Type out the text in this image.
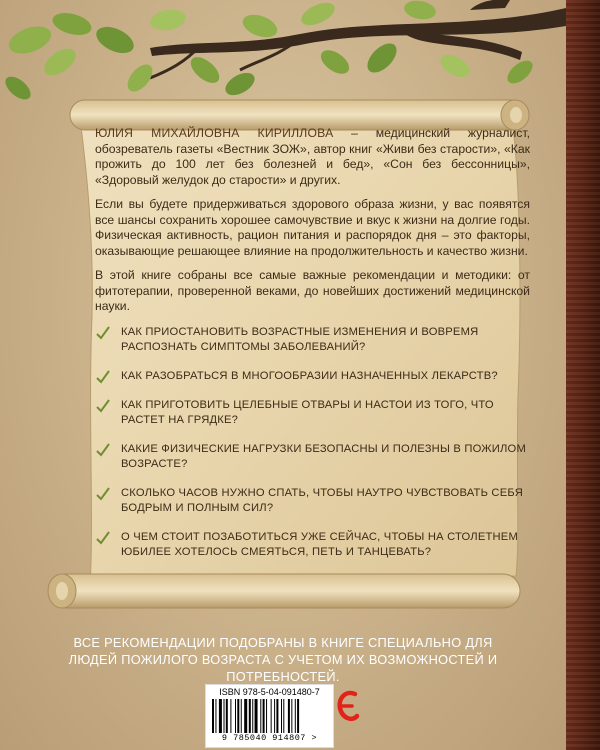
ЮЛИЯ МИХАЙЛОВНА КИРИЛЛОВА – медицинский журналист, обозреватель газеты «Вестник ЗОЖ», автор книг «Живи без старости», «Как прожить до 100 лет без болезней и бед», «Сон без бессонницы», «Здоровый желудок до старости» и других.

Если вы будете придерживаться здорового образа жизни, у вас появятся все шансы сохранить хорошее самочувствие и вкус к жизни на долгие годы. Физическая активность, рацион питания и распорядок дня – это факторы, оказывающие решающее влияние на продолжительность и качество жизни.

В этой книге собраны все самые важные рекомендации и методики: от фитотерапии, проверенной веками, до новейших достижений медицинской науки.

КАК ПРИОСТАНОВИТЬ ВОЗРАСТНЫЕ ИЗМЕНЕНИЯ И ВОВРЕМЯ РАСПОЗНАТЬ СИМПТОМЫ ЗАБОЛЕВАНИЙ?
КАК РАЗОБРАТЬСЯ В МНОГООБРАЗИИ НАЗНАЧЕННЫХ ЛЕКАРСТВ?
КАК ПРИГОТОВИТЬ ЦЕЛЕБНЫЕ ОТВАРЫ И НАСТОИ ИЗ ТОГО, ЧТО РАСТЕТ НА ГРЯДКЕ?
КАКИЕ ФИЗИЧЕСКИЕ НАГРУЗКИ БЕЗОПАСНЫ И ПОЛЕЗНЫ В ПОЖИЛОМ ВОЗРАСТЕ?
СКОЛЬКО ЧАСОВ НУЖНО СПАТЬ, ЧТОБЫ НАУТРО ЧУВСТВОВАТЬ СЕБЯ БОДРЫМ И ПОЛНЫМ СИЛ?
О ЧЕМ СТОИТ ПОЗАБОТИТЬСЯ УЖЕ СЕЙЧАС, ЧТОБЫ НА СТОЛЕТНЕМ ЮБИЛЕЕ ХОТЕЛОСЬ СМЕЯТЬСЯ, ПЕТЬ И ТАНЦЕВАТЬ?
ВСЕ РЕКОМЕНДАЦИИ ПОДОБРАНЫ В КНИГЕ СПЕЦИАЛЬНО ДЛЯ ЛЮДЕЙ ПОЖИЛОГО ВОЗРАСТА С УЧЕТОМ ИХ ВОЗМОЖНОСТЕЙ И ПОТРЕБНОСТЕЙ.
ISBN 978-5-04-091480-7
9 785040 914807 >
